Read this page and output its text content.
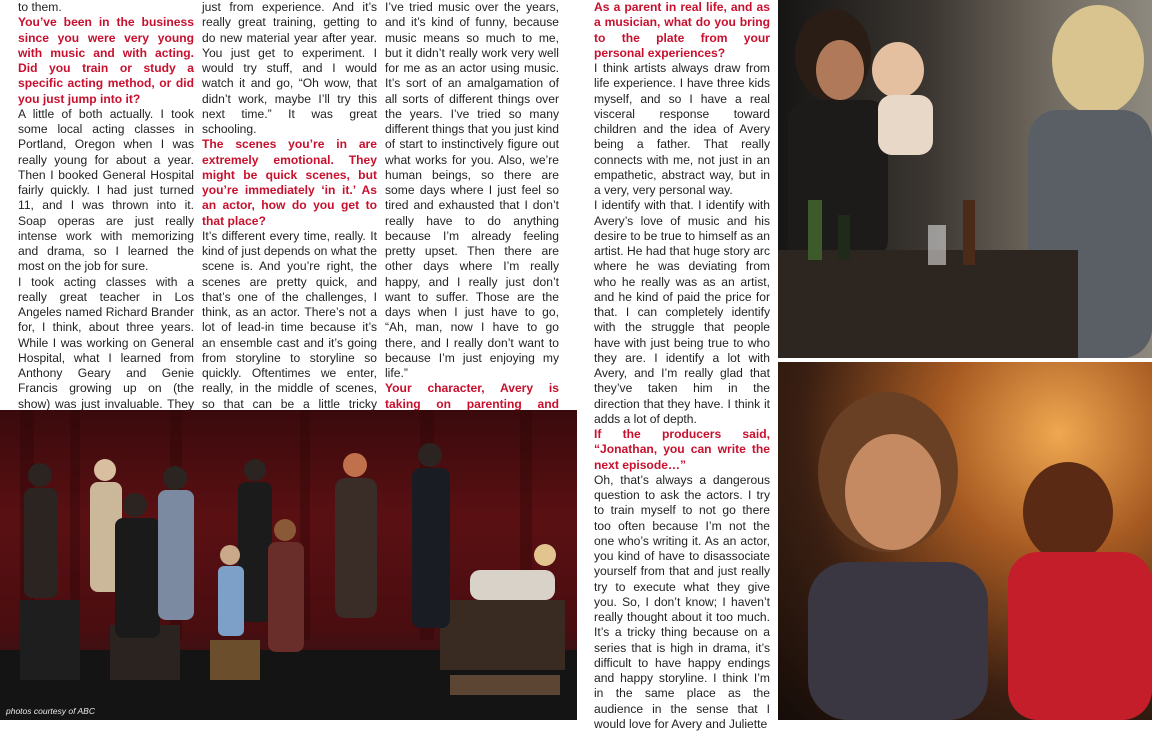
to them.

You’ve been in the business since you were very young with music and with acting. Did you train or study a specific acting method, or did you just jump into it?

A little of both actually. I took some local acting classes in Portland, Oregon when I was really young for about a year. Then I booked General Hospital fairly quickly. I had just turned 11, and I was thrown into it. Soap operas are just really intense work with memorizing and drama, so I learned the most on the job for sure.

I took acting classes with a really great teacher in Los Angeles named Richard Brander for, I think, about three years. While I was working on General Hospital, what I learned from Anthony Geary and Genie Francis growing up on (the show) was just invaluable. They

just from experience. And it’s really great training, getting to do new material year after year. You just get to experiment. I would try stuff, and I would watch it and go, “Oh wow, that didn’t work, maybe I’ll try this next time.” It was great schooling.

The scenes you’re in are extremely emotional. They might be quick scenes, but you’re immediately ‘in it.’ As an actor, how do you get to that place?

It’s different every time, really. It kind of just depends on what the scene is. And you’re right, the scenes are pretty quick, and that’s one of the challenges, I think, as an actor. There’s not a lot of lead-in time because it’s an ensemble cast and it’s going from storyline to storyline so quickly. Oftentimes we enter, really, in the middle of scenes, so that can be a little tricky

I’ve tried music over the years, and it’s kind of funny, because music means so much to me, but it didn’t really work very well for me as an actor using music. It’s sort of an amalgamation of all sorts of different things over the years. I’ve tried so many different things that you just kind of start to instinctively figure out what works for you. Also, we’re human beings, so there are some days where I just feel so tired and exhausted that I don’t really have to do anything because I’m already feeling pretty upset. Then there are other days where I’m really happy, and I really just don’t want to suffer. Those are the days when I just have to go, “Ah, man, now I have to go there, and I really don’t want to because I’m just enjoying my life.”

Your character, Avery is taking on parenting and

As a parent in real life, and as a musician, what do you bring to the plate from your personal experiences?

I think artists always draw from life experience. I have three kids myself, and so I have a real visceral response toward children and the idea of Avery being a father. That really connects with me, not just in an empathetic, abstract way, but in a very, very personal way.

I identify with that. I identify with Avery’s love of music and his desire to be true to himself as an artist. He had that huge story arc where he was deviating from who he really was as an artist, and he kind of paid the price for that. I can completely identify with the struggle that people have with just being true to who they are. I identify a lot with Avery, and I’m really glad that they’ve taken him in the direction that they have. I think it adds a lot of depth.

If the producers said, “Jonathan, you can write the next episode…”

Oh, that’s always a dangerous question to ask the actors. I try to train myself to not go there too often because I’m not the one who’s writing it. As an actor, you kind of have to disassociate yourself from that and just really try to execute what they give you. So, I don’t know; I haven’t really thought about it too much. It’s a tricky thing because on a series that is high in drama, it’s difficult to have happy endings and happy storyline. I think I’m in the same place as the audience in the sense that I would love for Avery and Juliette

photos courtesy of ABC
